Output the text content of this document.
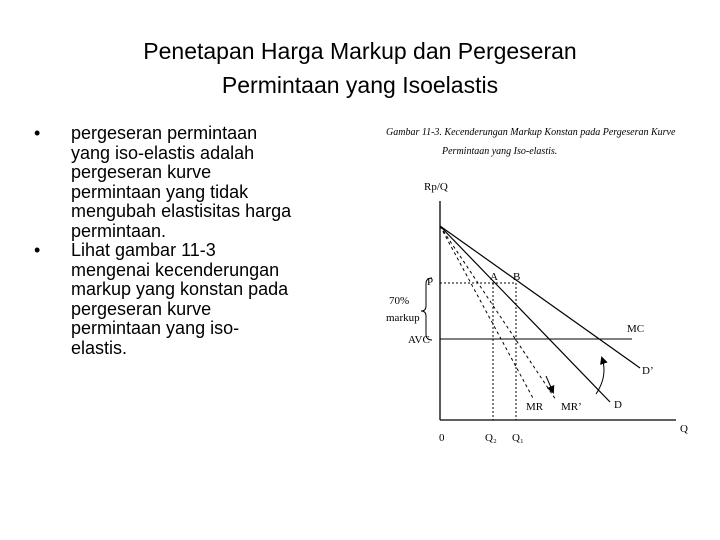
Penetapan Harga Markup dan Pergeseran
Permintaan yang Isoelastis
• pergeseran permintaan
yang iso-elastis adalah
pergeseran kurve
permintaan yang tidak
mengubah elastisitas harga
permintaan.
• Lihat gambar 11-3
mengenai kecenderungan
markup yang konstan pada
pergeseran kurve
permintaan yang iso-
elastis.
Gambar 11-3. Kecenderungan Markup Konstan pada Pergeseran Kurve
Permintaan yang Iso-elastis.
Rp/Q
Q
0
A B
P
70%
markup
AVC
MC
D’
D
MR MR’
Q₂ Q₁
